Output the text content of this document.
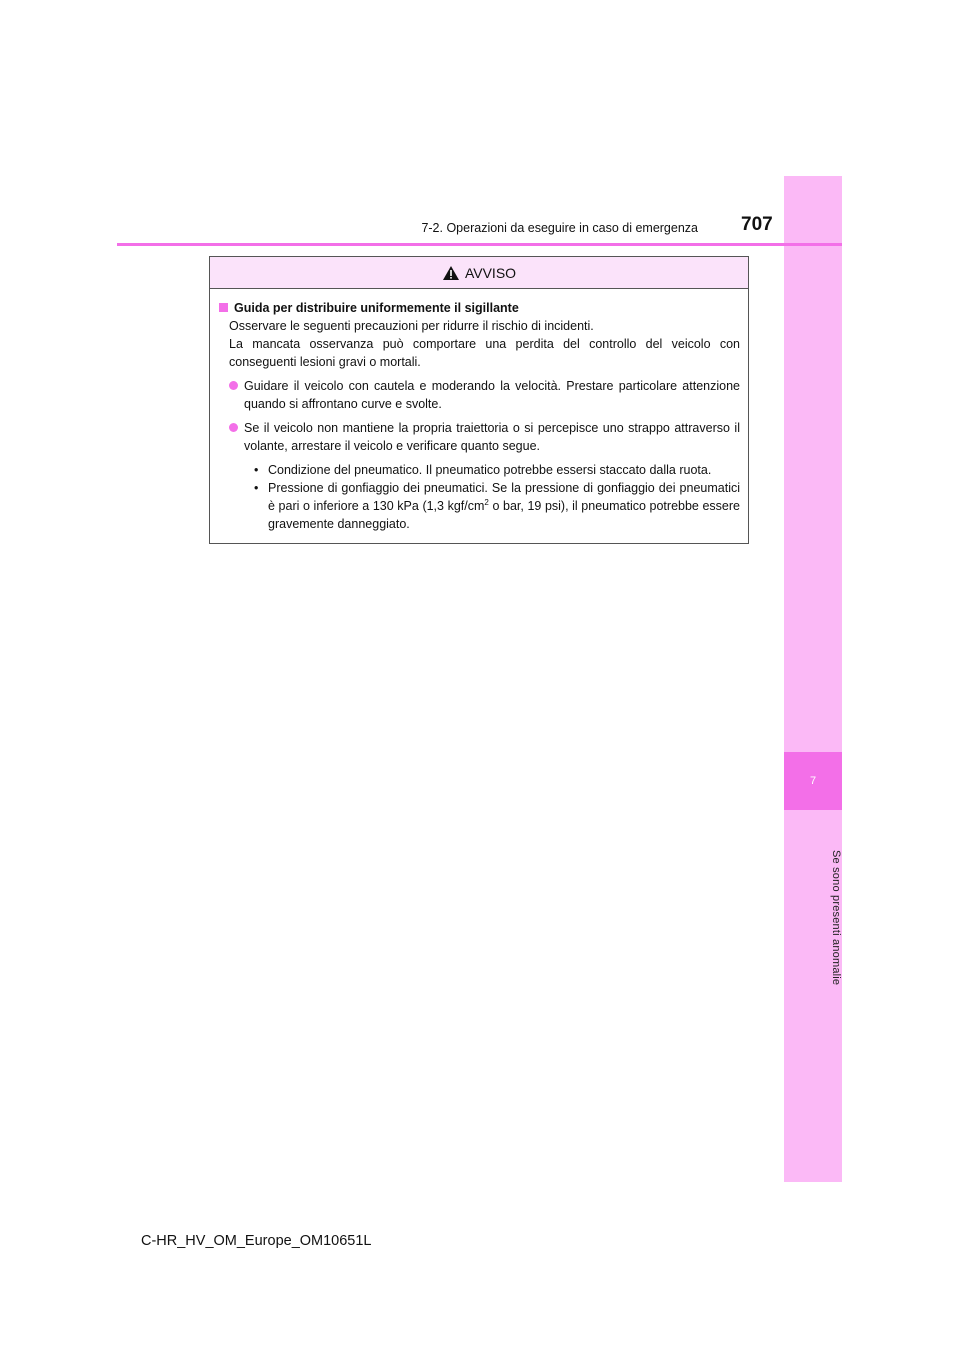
7
Se sono presenti anomalie
7-2. Operazioni da eseguire in caso di emergenza 707
AVVISO
Guida per distribuire uniformemente il sigillante
Osservare le seguenti precauzioni per ridurre il rischio di incidenti.
La mancata osservanza può comportare una perdita del controllo del veicolo con conseguenti lesioni gravi o mortali.
Guidare il veicolo con cautela e moderando la velocità. Prestare particolare attenzione quando si affrontano curve e svolte.
Se il veicolo non mantiene la propria traiettoria o si percepisce uno strappo attraverso il volante, arrestare il veicolo e verificare quanto segue.
• Condizione del pneumatico. Il pneumatico potrebbe essersi staccato dalla ruota.
• Pressione di gonfiaggio dei pneumatici. Se la pressione di gonfiaggio dei pneumatici è pari o inferiore a 130 kPa (1,3 kgf/$cm^2$ o bar, 19 psi), il pneumatico potrebbe essere gravemente danneggiato.
C-HR_HV_OM_Europe_OM10651L
